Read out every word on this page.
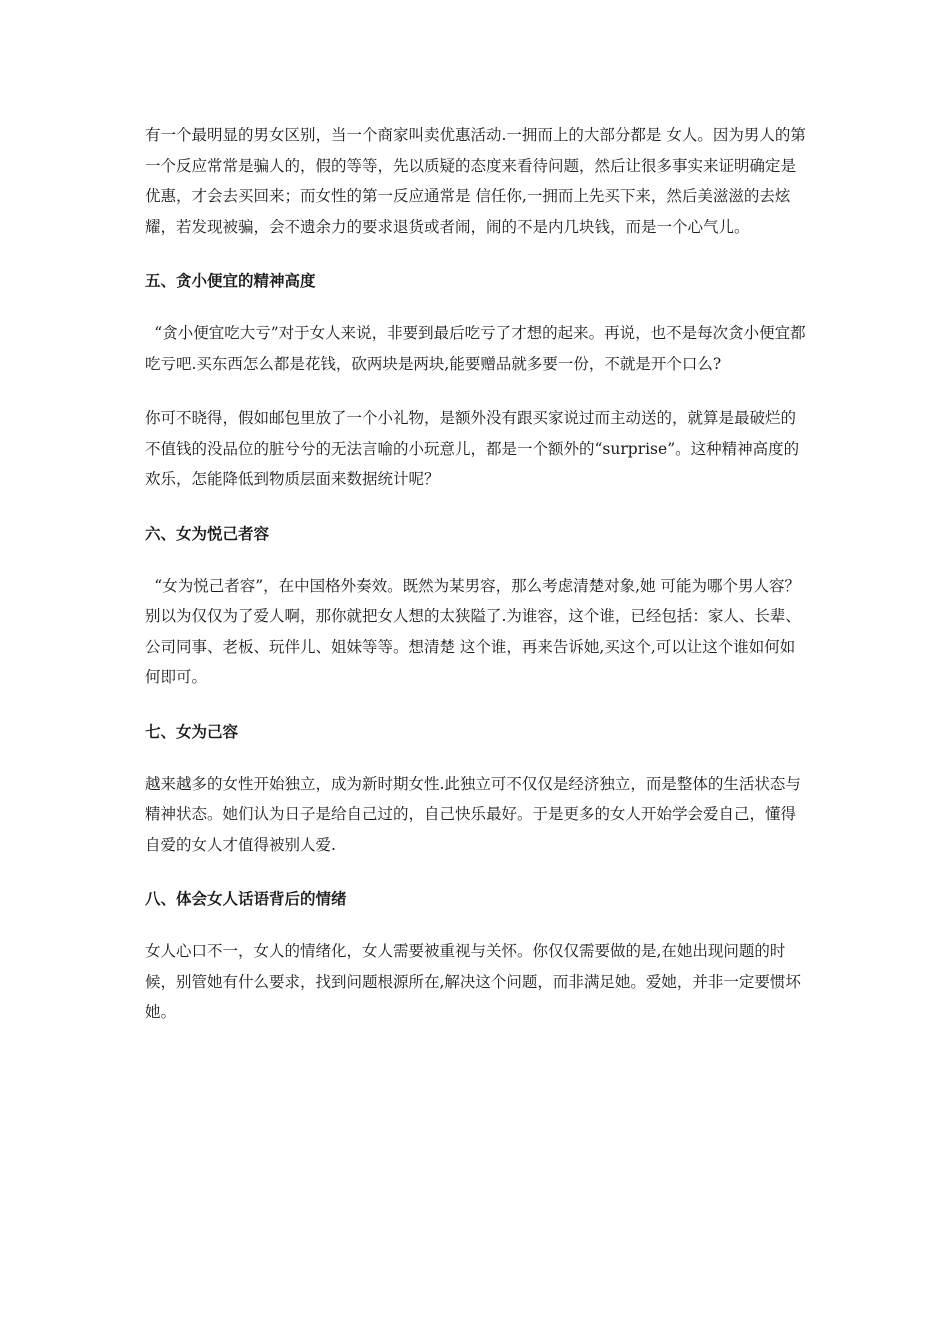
有一个最明显的男女区别，当一个商家叫卖优惠活动.一拥而上的大部分都是 女人。因为男人的第一个反应常常是骗人的，假的等等，先以质疑的态度来看待问题，然后让很多事实来证明确定是优惠，才会去买回来；而女性的第一反应通常是 信任你,一拥而上先买下来，然后美滋滋的去炫耀，若发现被骗，会不遗余力的要求退货或者闹，闹的不是内几块钱，而是一个心气儿。

五、贪小便宜的精神高度

“贪小便宜吃大亏”对于女人来说，非要到最后吃亏了才想的起来。再说，也不是每次贪小便宜都吃亏吧.买东西怎么都是花钱，砍两块是两块,能要赠品就多要一份，不就是开个口么?

你可不晓得，假如邮包里放了一个小礼物，是额外没有跟买家说过而主动送的，就算是最破烂的不值钱的没品位的脏兮兮的无法言喻的小玩意儿，都是一个额外的“surprise”。这种精神高度的欢乐，怎能降低到物质层面来数据统计呢？

六、女为悦己者容

“女为悦己者容”，在中国格外奏效。既然为某男容，那么考虑清楚对象,她 可能为哪个男人容？别以为仅仅为了爱人啊，那你就把女人想的太狭隘了.为谁容，这个谁，已经包括：家人、长辈、公司同事、老板、玩伴儿、姐妹等等。想清楚 这个谁，再来告诉她,买这个,可以让这个谁如何如何即可。

七、女为己容

越来越多的女性开始独立，成为新时期女性.此独立可不仅仅是经济独立，而是整体的生活状态与精神状态。她们认为日子是给自己过的，自己快乐最好。于是更多的女人开始学会爱自己，懂得自爱的女人才值得被别人爱.

八、体会女人话语背后的情绪

女人心口不一，女人的情绪化，女人需要被重视与关怀。你仅仅需要做的是,在她出现问题的时候，别管她有什么要求，找到问题根源所在,解决这个问题，而非满足她。爱她，并非一定要惯坏她。
